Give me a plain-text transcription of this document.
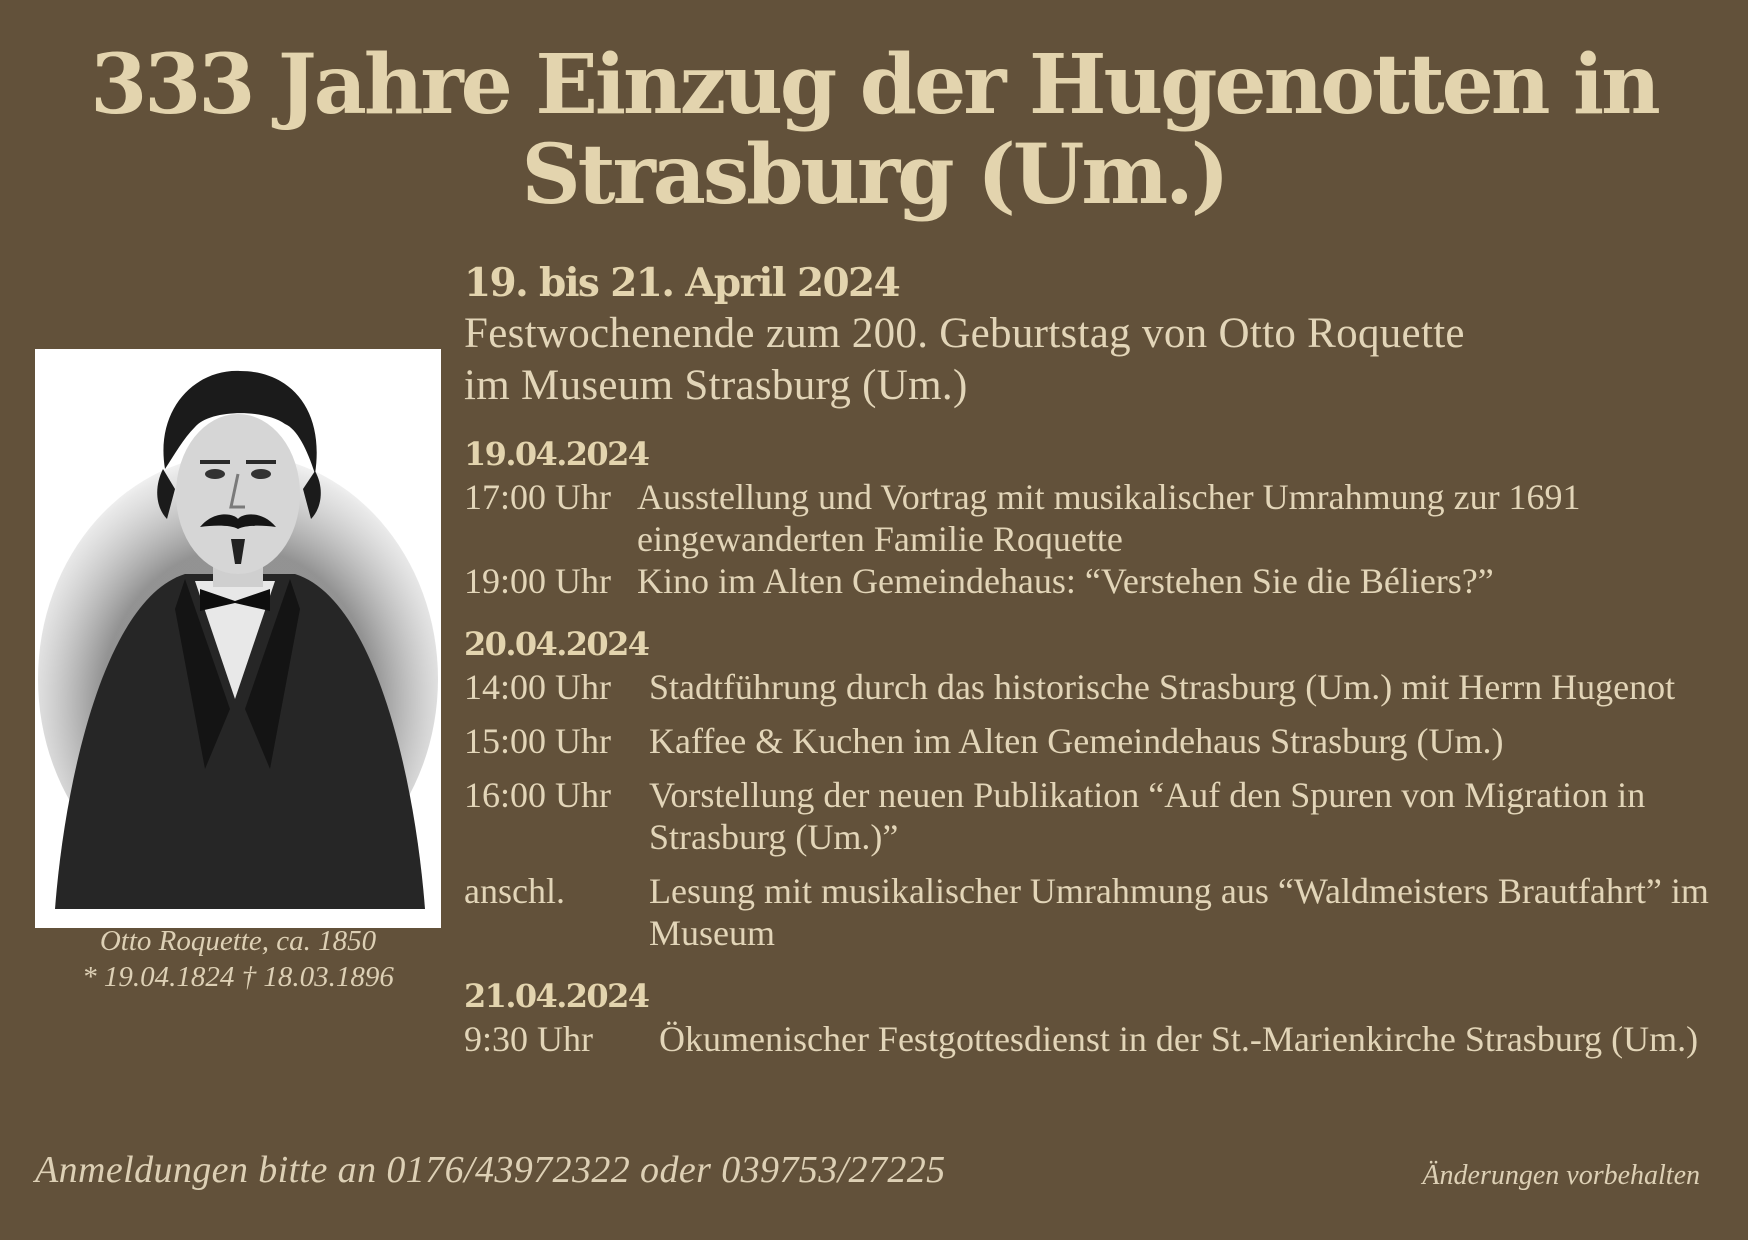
333 Jahre Einzug der Hugenotten in
Strasburg (Um.)
Otto Roquette, ca. 1850
* 19.04.1824 † 18.03.1896
19. bis 21. April 2024
Festwochenende zum 200. Geburtstag von Otto Roquette
im Museum Strasburg (Um.)
19.04.2024
17:00 Uhr Ausstellung und Vortrag mit musikalischer Umrahmung zur 1691 eingewanderten Familie Roquette
19:00 Uhr Kino im Alten Gemeindehaus: “Verstehen Sie die Béliers?”
20.04.2024
14:00 Uhr	Stadtführung durch das historische Strasburg (Um.) mit Herrn Hugenot
15:00 Uhr	Kaffee & Kuchen im Alten Gemeindehaus Strasburg (Um.)
16:00 Uhr	Vorstellung der neuen Publikation “Auf den Spuren von Migration in Strasburg (Um.)”
anschl.	Lesung mit musikalischer Umrahmung aus “Waldmeisters Brautfahrt” im Museum
21.04.2024
9:30 Uhr	Ökumenischer Festgottesdienst in der St.-Marienkirche Strasburg (Um.)
Anmeldungen bitte an 0176/43972322 oder 039753/27225	Änderungen vorbehalten
